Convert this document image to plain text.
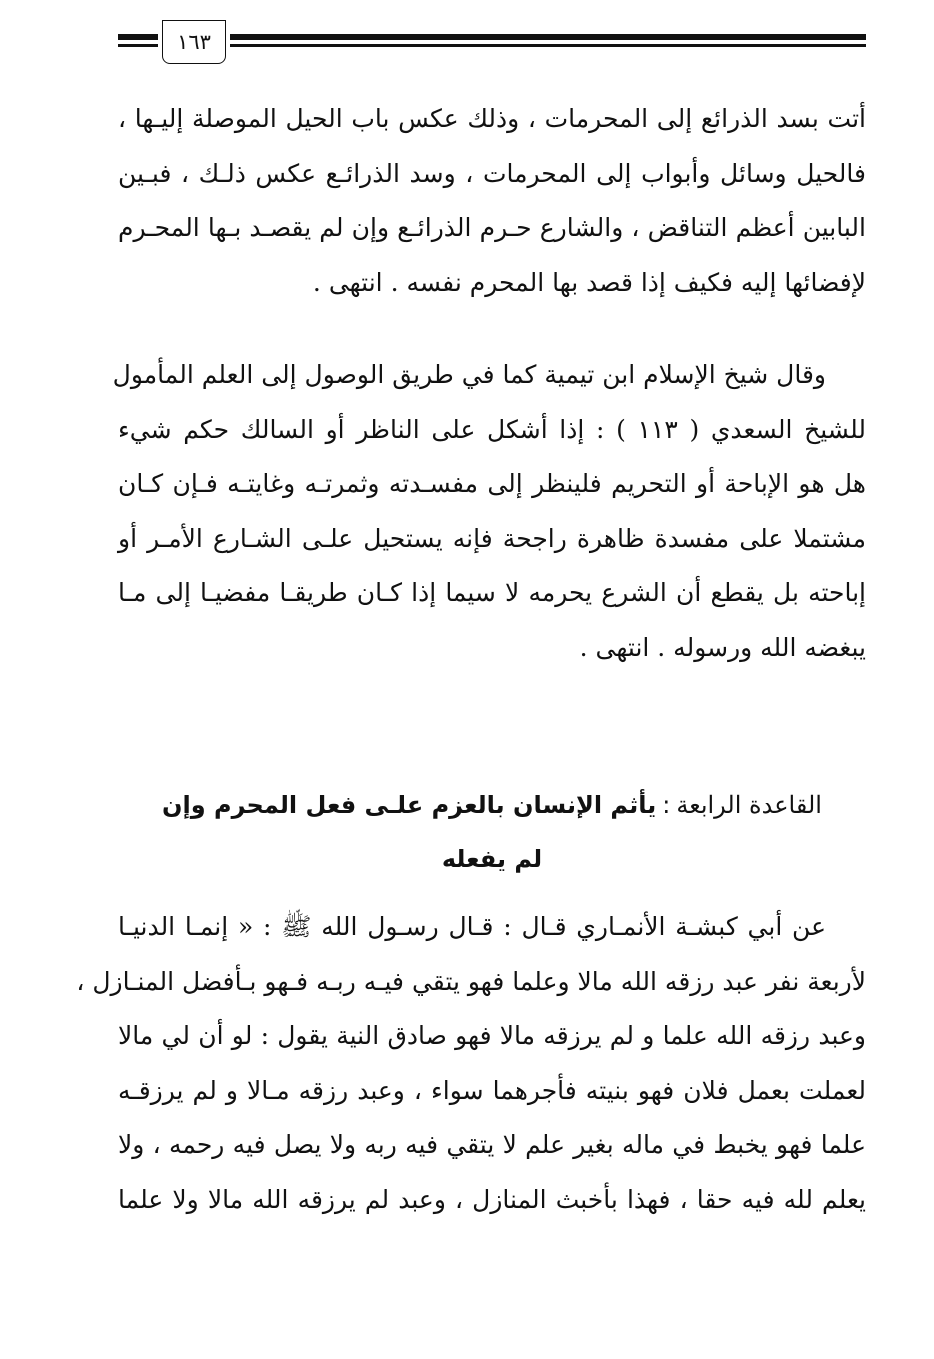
١٦٣

أتت بسد الذرائع إلى المحرمات ، وذلك عكس باب الحيل الموصلة إليـها ،
فالحيل وسائل وأبواب إلى المحرمات ، وسد الذرائـع عكس ذلـك ، فبـين
البابين أعظم التناقض ، والشارع حـرم الذرائـع وإن لم يقصـد بـها المحـرم
لإفضائها إليه فكيف إذا قصد بها المحرم نفسه . انتهى .

وقال شيخ الإسلام ابن تيمية كما في طريق الوصول إلى العلم المأمول
للشيخ السعدي ( ١١٣ ) : إذا أشكل على الناظر أو السالك حكم شيء
هل هو الإباحة أو التحريم فلينظر إلى مفسـدته وثمرتـه وغايتـه فـإن كـان
مشتملا على مفسدة ظاهرة راجحة فإنه يستحيل علـى الشـارع الأمـر أو
إباحته بل يقطع أن الشرع يحرمه لا سيما إذا كـان طريقـا مفضيـا إلى مـا
يبغضه الله ورسوله . انتهى .

القاعدة الرابعة:يأثم الإنسان بالعزم علـى فعل المحرم وإن
لم يفعله

عن أبي كبشـة الأنمـاري قـال : قـال رسـول الله ﷺ : « إنمـا الدنيـا
لأربعة نفر عبد رزقه الله مالا وعلما فهو يتقي فيـه ربـه فـهو بـأفضل المنـازل ،
وعبد رزقه الله علما و لم يرزقه مالا فهو صادق النية يقول : لو أن لي مالا
لعملت بعمل فلان فهو بنيته فأجرهما سواء ، وعبد رزقه مـالا و لم يرزقـه
علما فهو يخبط في ماله بغير علم لا يتقي فيه ربه ولا يصل فيه رحمه ، ولا
يعلم لله فيه حقا ، فهذا بأخبث المنازل ، وعبد لم يرزقه الله مالا ولا علما
